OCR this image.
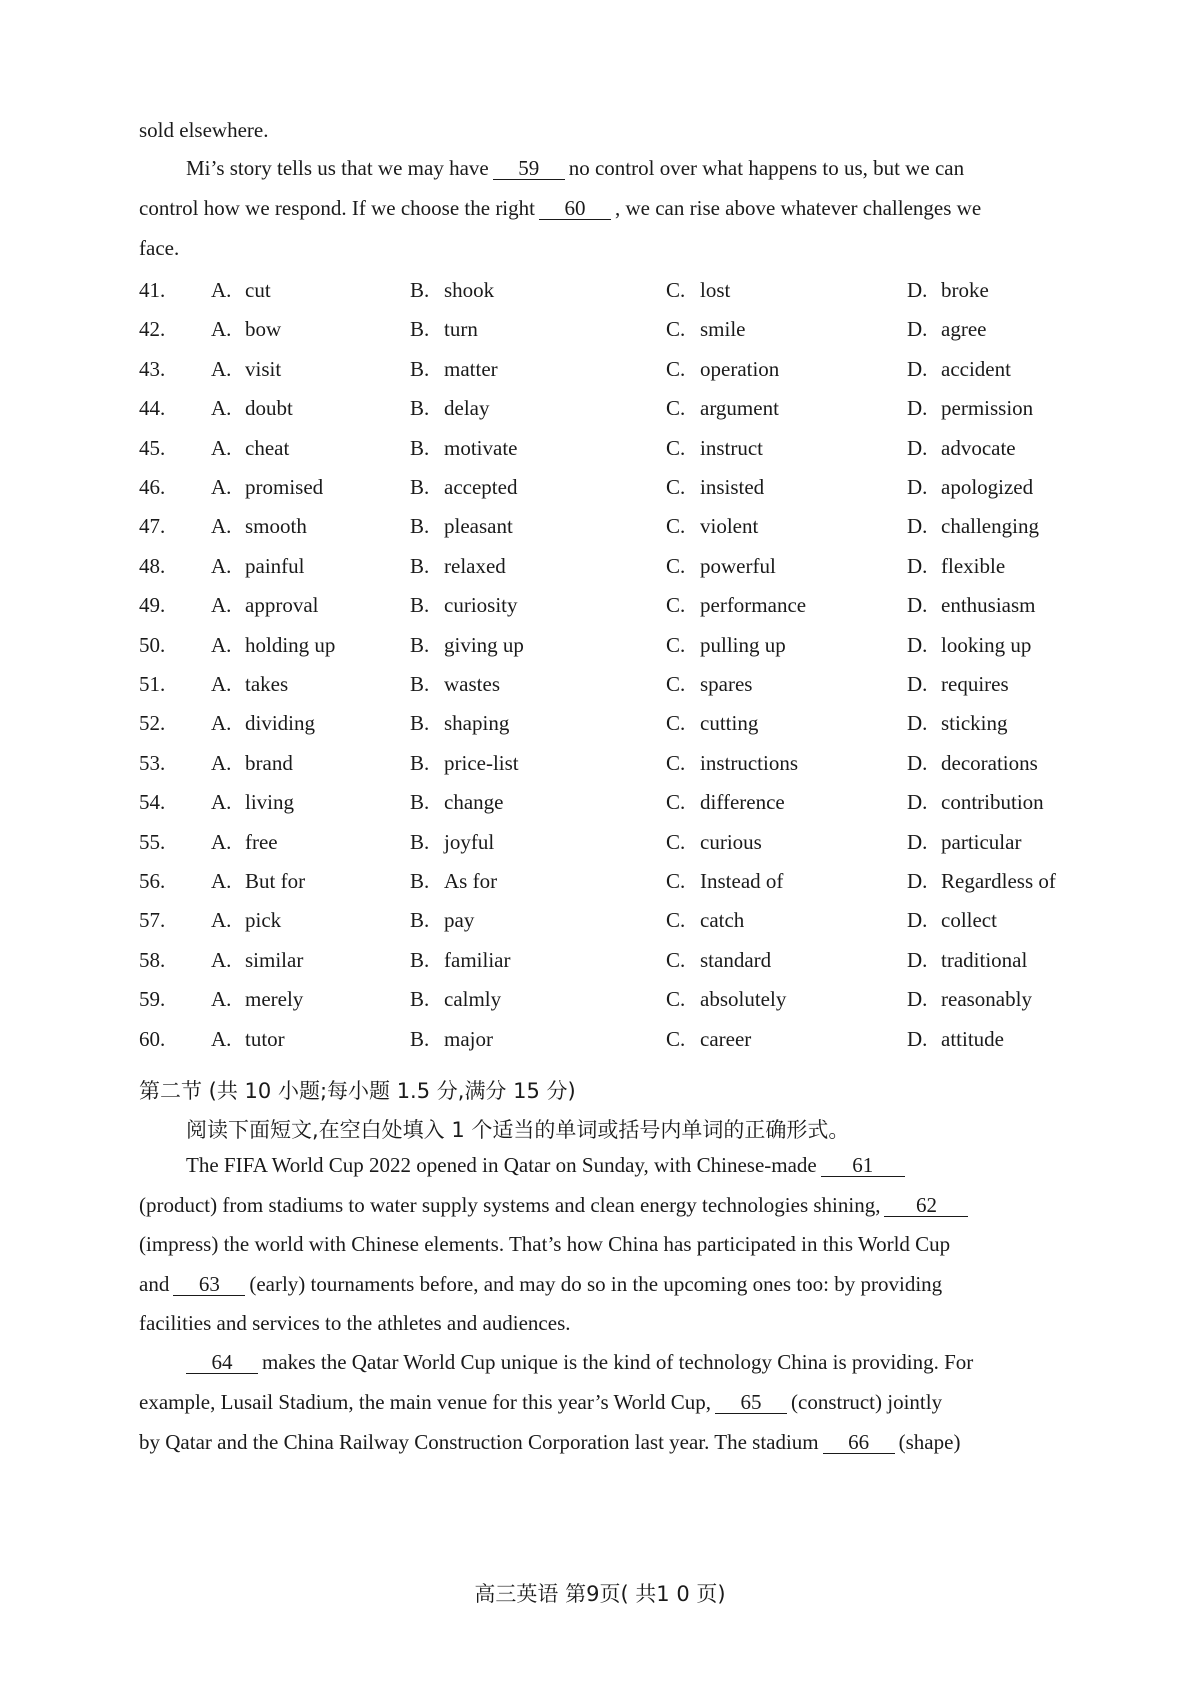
sold elsewhere.
Mi’s story tells us that we may have 59 no control over what happens to us, but we can
control how we respond. If we choose the right 60 , we can rise above whatever challenges we
face.
41. A. cut	B. shook	C. lost	D. broke
42. A. bow	B. turn	C. smile	D. agree
43. A. visit	B. matter	C. operation	D. accident
44. A. doubt	B. delay	C. argument	D. permission
45. A. cheat	B. motivate	C. instruct	D. advocate
46. A. promised	B. accepted	C. insisted	D. apologized
47. A. smooth	B. pleasant	C. violent	D. challenging
48. A. painful	B. relaxed	C. powerful	D. flexible
49. A. approval	B. curiosity	C. performance	D. enthusiasm
50. A. holding up	B. giving up	C. pulling up	D. looking up
51. A. takes	B. wastes	C. spares	D. requires
52. A. dividing	B. shaping	C. cutting	D. sticking
53. A. brand	B. price-list	C. instructions	D. decorations
54. A. living	B. change	C. difference	D. contribution
55. A. free	B. joyful	C. curious	D. particular
56. A. But for	B. As for	C. Instead of	D. Regardless of
57. A. pick	B. pay	C. catch	D. collect
58. A. similar	B. familiar	C. standard	D. traditional
59. A. merely	B. calmly	C. absolutely	D. reasonably
60. A. tutor	B. major	C. career	D. attitude
第二节 (共 10 小题;每小题 1.5 分,满分 15 分)
阅读下面短文,在空白处填入 1 个适当的单词或括号内单词的正确形式。
The FIFA World Cup 2022 opened in Qatar on Sunday, with Chinese-made 61
(product) from stadiums to water supply systems and clean energy technologies shining, 62
(impress) the world with Chinese elements. That’s how China has participated in this World Cup
and 63 (early) tournaments before, and may do so in the upcoming ones too: by providing
facilities and services to the athletes and audiences.
64 makes the Qatar World Cup unique is the kind of technology China is providing. For
example, Lusail Stadium, the main venue for this year’s World Cup, 65 (construct) jointly
by Qatar and the China Railway Construction Corporation last year. The stadium 66 (shape)
高三英语 第9页( 共1 0 页)
